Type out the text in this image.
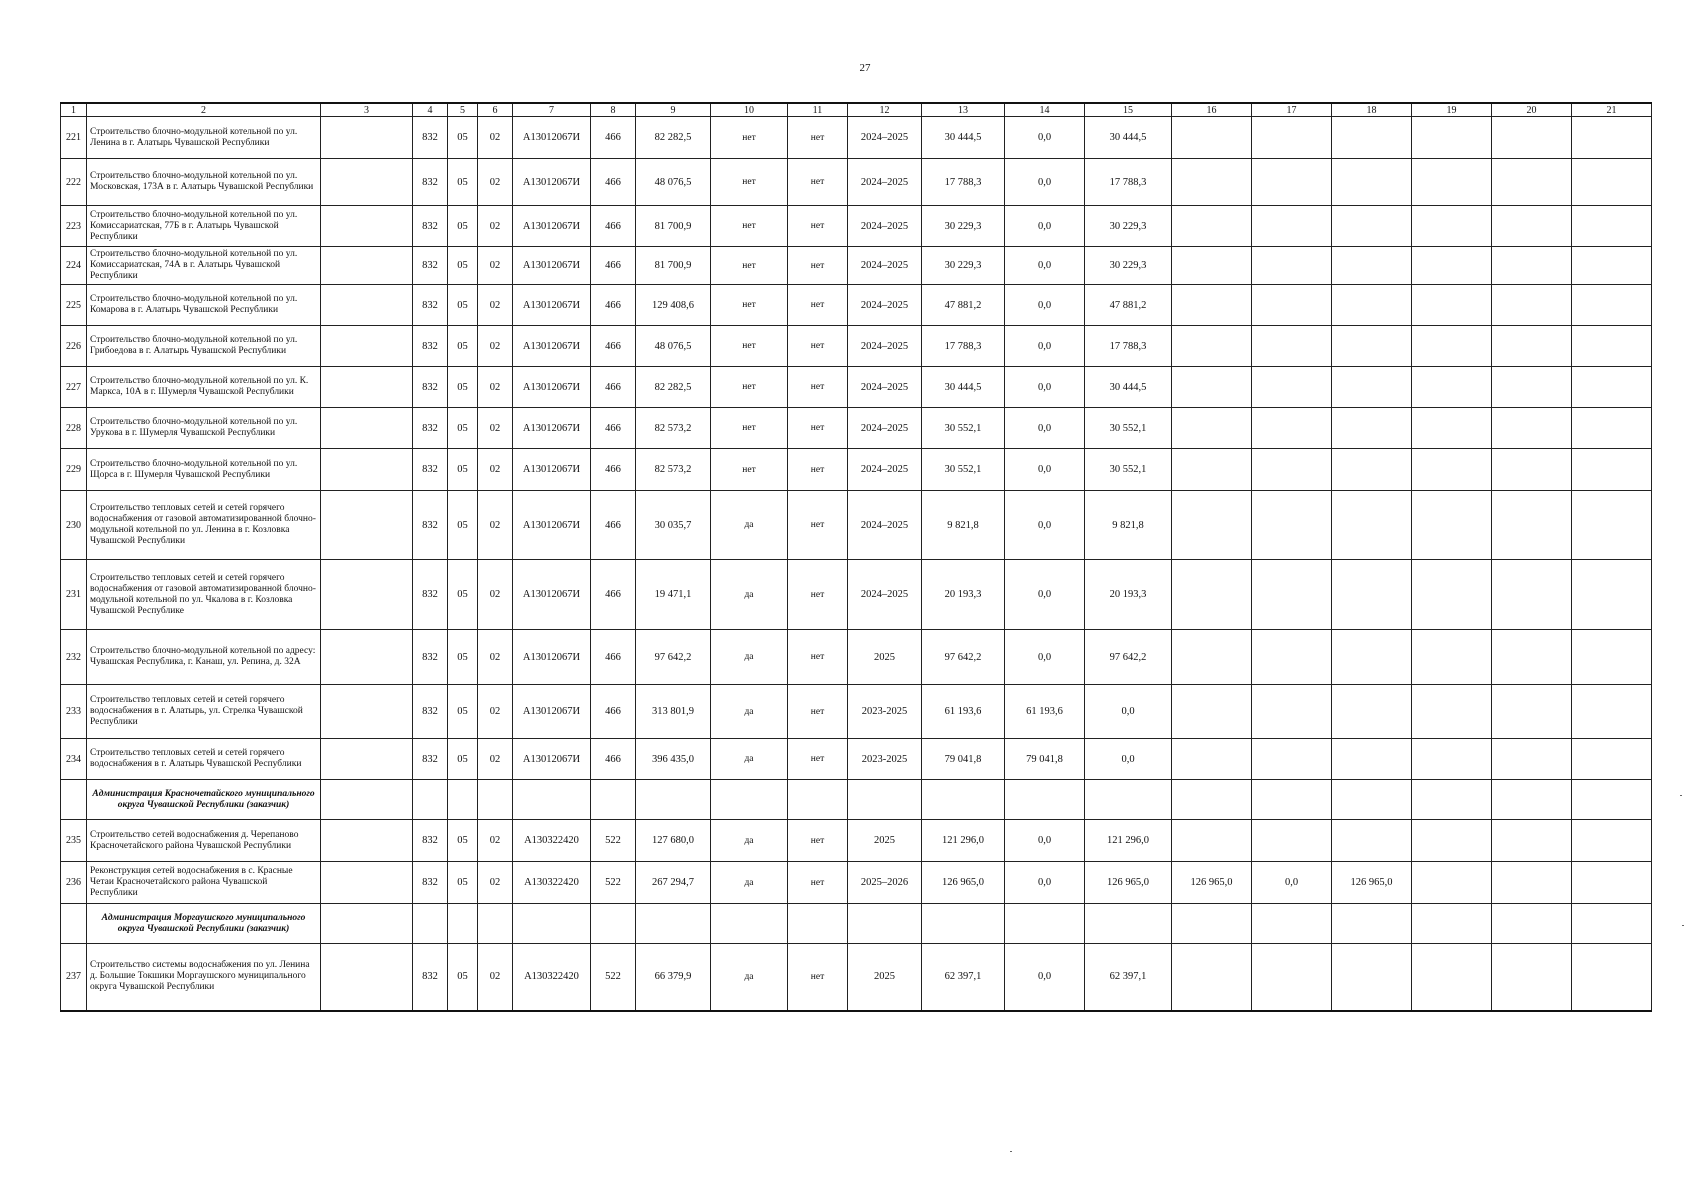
27
1	2	3	4	5	6	7	8	9	10	11	12	13	14	15	16	17	18	19	20	21
221	Строительство блочно-модульной котельной по ул. Ленина в г. Алатырь Чувашской Республики		832	05	02	А13012067И	466	82 282,5	нет	нет	2024–2025	30 444,5	0,0	30 444,5						
222	Строительство блочно-модульной котельной по ул. Московская, 173А в г. Алатырь Чувашской Республики		832	05	02	А13012067И	466	48 076,5	нет	нет	2024–2025	17 788,3	0,0	17 788,3						
223	Строительство блочно-модульной котельной по ул. Комиссариатская, 77Б в г. Алатырь Чувашской Республики		832	05	02	А13012067И	466	81 700,9	нет	нет	2024–2025	30 229,3	0,0	30 229,3						
224	Строительство блочно-модульной котельной по ул. Комиссариатская, 74А в г. Алатырь Чувашской Республики		832	05	02	А13012067И	466	81 700,9	нет	нет	2024–2025	30 229,3	0,0	30 229,3						
225	Строительство блочно-модульной котельной по ул. Комарова в г. Алатырь Чувашской Республики		832	05	02	А13012067И	466	129 408,6	нет	нет	2024–2025	47 881,2	0,0	47 881,2						
226	Строительство блочно-модульной котельной по ул. Грибоедова в г. Алатырь Чувашской Республики		832	05	02	А13012067И	466	48 076,5	нет	нет	2024–2025	17 788,3	0,0	17 788,3						
227	Строительство блочно-модульной котельной по ул. К. Маркса, 10А в г. Шумерля Чувашской Республики		832	05	02	А13012067И	466	82 282,5	нет	нет	2024–2025	30 444,5	0,0	30 444,5						
228	Строительство блочно-модульной котельной по ул. Урукова в г. Шумерля Чувашской Республики		832	05	02	А13012067И	466	82 573,2	нет	нет	2024–2025	30 552,1	0,0	30 552,1						
229	Строительство блочно-модульной котельной по ул. Щорса в г. Шумерля Чувашской Республики		832	05	02	А13012067И	466	82 573,2	нет	нет	2024–2025	30 552,1	0,0	30 552,1						
230	Строительство тепловых сетей и сетей горячего водоснабжения от газовой автоматизированной блочно-модульной котельной по ул. Ленина в г. Козловка Чувашской Республики		832	05	02	А13012067И	466	30 035,7	да	нет	2024–2025	9 821,8	0,0	9 821,8						
231	Строительство тепловых сетей и сетей горячего водоснабжения от газовой автоматизированной блочно-модульной котельной по ул. Чкалова в г. Козловка Чувашской Республике		832	05	02	А13012067И	466	19 471,1	да	нет	2024–2025	20 193,3	0,0	20 193,3						
232	Строительство блочно-модульной котельной по адресу: Чувашская Республика, г. Канаш, ул. Репина, д. 32А		832	05	02	А13012067И	466	97 642,2	да	нет	2025	97 642,2	0,0	97 642,2						
233	Строительство тепловых сетей и сетей горячего водоснабжения в г. Алатырь, ул. Стрелка Чувашской Республики		832	05	02	А13012067И	466	313 801,9	да	нет	2023-2025	61 193,6	61 193,6	0,0						
234	Строительство тепловых сетей и сетей горячего водоснабжения в г. Алатырь Чувашской Республики		832	05	02	А13012067И	466	396 435,0	да	нет	2023-2025	79 041,8	79 041,8	0,0						
	Администрация Красночетайского муниципального округа Чувашской Республики (заказчик)																			
235	Строительство сетей водоснабжения д. Черепаново Красночетайского района Чувашской Республики		832	05	02	А130322420	522	127 680,0	да	нет	2025	121 296,0	0,0	121 296,0						
236	Реконструкция сетей водоснабжения в с. Красные Четаи Красночетайского района Чувашской Республики		832	05	02	А130322420	522	267 294,7	да	нет	2025–2026	126 965,0	0,0	126 965,0	126 965,0	0,0	126 965,0			
	Администрация Моргаушского муниципального округа Чувашской Республики (заказчик)																			
237	Строительство системы водоснабжения по ул. Ленина д. Большие Токшики Моргаушского муниципального округа Чувашской Республики		832	05	02	А130322420	522	66 379,9	да	нет	2025	62 397,1	0,0	62 397,1						
